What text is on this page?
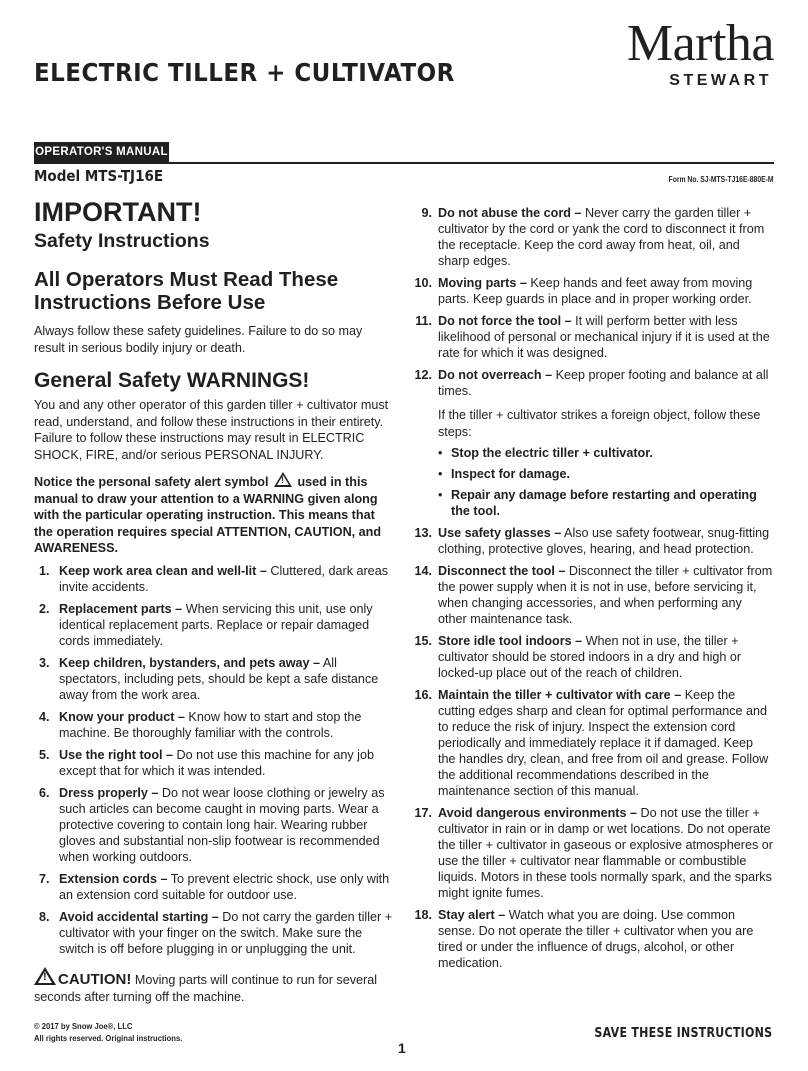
ELECTRIC TILLER + CULTIVATOR
Martha
STEWART
OPERATOR'S MANUAL
Model MTS-TJ16E	Form No. SJ-MTS-TJ16E-880E-M
IMPORTANT!
Safety Instructions
All Operators Must Read These Instructions Before Use
Always follow these safety guidelines. Failure to do so may result in serious bodily injury or death.
General Safety WARNINGS!
You and any other operator of this garden tiller + cultivator must read, understand, and follow these instructions in their entirety. Failure to follow these instructions may result in ELECTRIC SHOCK, FIRE, and/or serious PERSONAL INJURY.
Notice the personal safety alert symbol ! used in this manual to draw your attention to a WARNING given along with the particular operating instruction. This means that the operation requires special ATTENTION, CAUTION, and AWARENESS.
1. Keep work area clean and well-lit – Cluttered, dark areas invite accidents.
2. Replacement parts – When servicing this unit, use only identical replacement parts. Replace or repair damaged cords immediately.
3. Keep children, bystanders, and pets away – All spectators, including pets, should be kept a safe distance away from the work area.
4. Know your product – Know how to start and stop the machine. Be thoroughly familiar with the controls.
5. Use the right tool – Do not use this machine for any job except that for which it was intended.
6. Dress properly – Do not wear loose clothing or jewelry as such articles can become caught in moving parts. Wear a protective covering to contain long hair. Wearing rubber gloves and substantial non-slip footwear is recommended when working outdoors.
7. Extension cords – To prevent electric shock, use only with an extension cord suitable for outdoor use.
8. Avoid accidental starting – Do not carry the garden tiller + cultivator with your finger on the switch. Make sure the switch is off before plugging in or unplugging the unit.
!CAUTION! Moving parts will continue to run for several seconds after turning off the machine.
9. Do not abuse the cord – Never carry the garden tiller + cultivator by the cord or yank the cord to disconnect it from the receptacle. Keep the cord away from heat, oil, and sharp edges.
10. Moving parts – Keep hands and feet away from moving parts. Keep guards in place and in proper working order.
11. Do not force the tool – It will perform better with less likelihood of personal or mechanical injury if it is used at the rate for which it was designed.
12. Do not overreach – Keep proper footing and balance at all times.
If the tiller + cultivator strikes a foreign object, follow these steps:
• Stop the electric tiller + cultivator.
• Inspect for damage.
• Repair any damage before restarting and operating the tool.
13. Use safety glasses – Also use safety footwear, snug-fitting clothing, protective gloves, hearing, and head protection.
14. Disconnect the tool – Disconnect the tiller + cultivator from the power supply when it is not in use, before servicing it, when changing accessories, and when performing any other maintenance task.
15. Store idle tool indoors – When not in use, the tiller + cultivator should be stored indoors in a dry and high or locked-up place out of the reach of children.
16. Maintain the tiller + cultivator with care – Keep the cutting edges sharp and clean for optimal performance and to reduce the risk of injury. Inspect the extension cord periodically and immediately replace it if damaged. Keep the handles dry, clean, and free from oil and grease. Follow the additional recommendations described in the maintenance section of this manual.
17. Avoid dangerous environments – Do not use the tiller + cultivator in rain or in damp or wet locations. Do not operate the tiller + cultivator in gaseous or explosive atmospheres or use the tiller + cultivator near flammable or combustible liquids. Motors in these tools normally spark, and the sparks might ignite fumes.
18. Stay alert – Watch what you are doing. Use common sense. Do not operate the tiller + cultivator when you are tired or under the influence of drugs, alcohol, or other medication.
© 2017 by Snow Joe®, LLC
All rights reserved. Original instructions.
1
SAVE THESE INSTRUCTIONS
